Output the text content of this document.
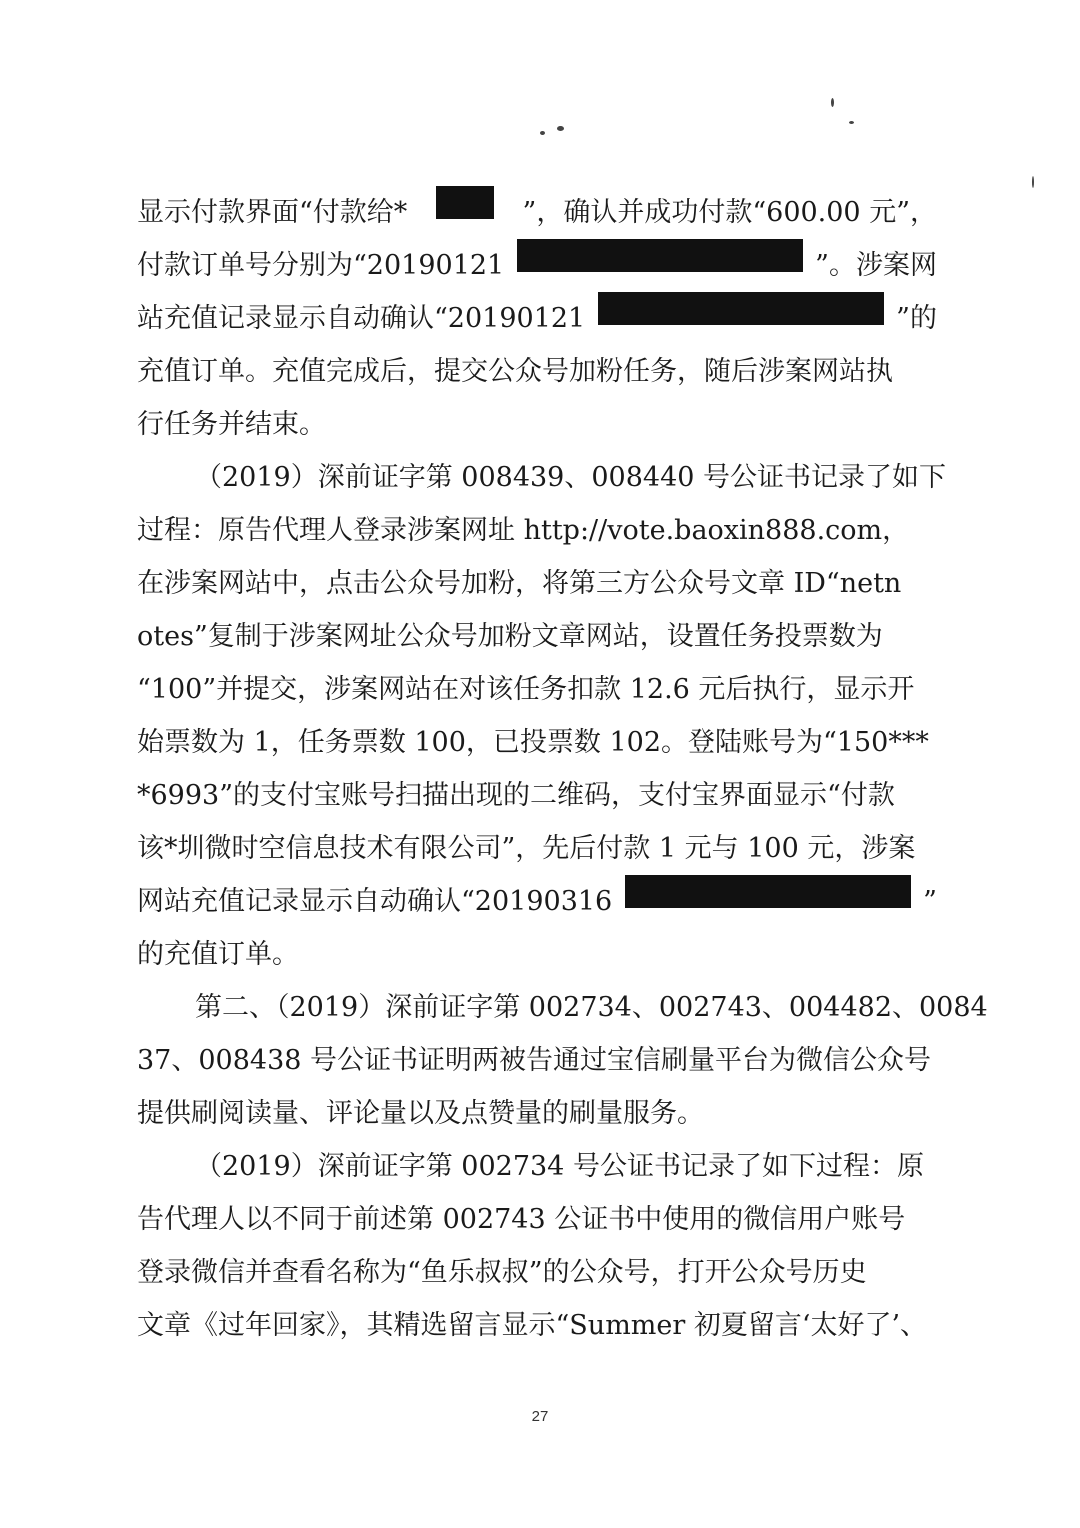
显示付款界面“付款给*	”，确认并成功付款“600.00 元”，
付款订单号分别为“20190121	”。涉案网
站充值记录显示自动确认“20190121	”的
充值订单。充值完成后，提交公众号加粉任务，随后涉案网站执
行任务并结束。
（2019）深前证字第 008439、008440 号公证书记录了如下
过程：原告代理人登录涉案网址 http://vote.baoxin888.com，
在涉案网站中，点击公众号加粉，将第三方公众号文章 ID“netn
otes”复制于涉案网址公众号加粉文章网站，设置任务投票数为
“100”并提交，涉案网站在对该任务扣款 12.6 元后执行，显示开
始票数为 1，任务票数 100，已投票数 102。登陆账号为“150***
*6993”的支付宝账号扫描出现的二维码，支付宝界面显示“付款
该*圳微时空信息技术有限公司”，先后付款 1 元与 100 元，涉案
网站充值记录显示自动确认“20190316	”
的充值订单。
第二、（2019）深前证字第 002734、002743、004482、0084
37、008438 号公证书证明两被告通过宝信刷量平台为微信公众号
提供刷阅读量、评论量以及点赞量的刷量服务。
（2019）深前证字第 002734 号公证书记录了如下过程：原
告代理人以不同于前述第 002743 公证书中使用的微信用户账号
登录微信并查看名称为“鱼乐叔叔”的公众号，打开公众号历史
文章《过年回家》，其精选留言显示“Summer 初夏留言‘太好了’、
27
